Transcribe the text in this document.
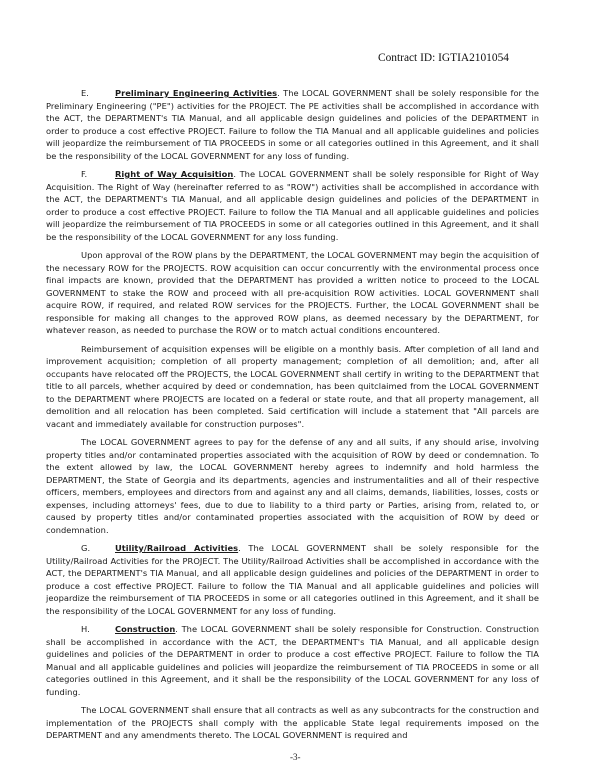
Contract ID: IGTIA2101054

E.	Preliminary Engineering Activities. The LOCAL GOVERNMENT shall be solely responsible for the Preliminary Engineering ("PE") activities for the PROJECT. The PE activities shall be accomplished in accordance with the ACT, the DEPARTMENT's TIA Manual, and all applicable design guidelines and policies of the DEPARTMENT in order to produce a cost effective PROJECT. Failure to follow the TIA Manual and all applicable guidelines and policies will jeopardize the reimbursement of TIA PROCEEDS in some or all categories outlined in this Agreement, and it shall be the responsibility of the LOCAL GOVERNMENT for any loss of funding.

F.	Right of Way Acquisition. The LOCAL GOVERNMENT shall be solely responsible for Right of Way Acquisition. The Right of Way (hereinafter referred to as "ROW") activities shall be accomplished in accordance with the ACT, the DEPARTMENT's TIA Manual, and all applicable design guidelines and policies of the DEPARTMENT in order to produce a cost effective PROJECT. Failure to follow the TIA Manual and all applicable guidelines and policies will jeopardize the reimbursement of TIA PROCEEDS in some or all categories outlined in this Agreement, and it shall be the responsibility of the LOCAL GOVERNMENT for any loss funding.

Upon approval of the ROW plans by the DEPARTMENT, the LOCAL GOVERNMENT may begin the acquisition of the necessary ROW for the PROJECTS. ROW acquisition can occur concurrently with the environmental process once final impacts are known, provided that the DEPARTMENT has provided a written notice to proceed to the LOCAL GOVERNMENT to stake the ROW and proceed with all pre-acquisition ROW activities. LOCAL GOVERNMENT shall acquire ROW, if required, and related ROW services for the PROJECTS. Further, the LOCAL GOVERNMENT shall be responsible for making all changes to the approved ROW plans, as deemed necessary by the DEPARTMENT, for whatever reason, as needed to purchase the ROW or to match actual conditions encountered.

Reimbursement of acquisition expenses will be eligible on a monthly basis. After completion of all land and improvement acquisition; completion of all property management; completion of all demolition; and, after all occupants have relocated off the PROJECTS, the LOCAL GOVERNMENT shall certify in writing to the DEPARTMENT that title to all parcels, whether acquired by deed or condemnation, has been quitclaimed from the LOCAL GOVERNMENT to the DEPARTMENT where PROJECTS are located on a federal or state route, and that all property management, all demolition and all relocation has been completed. Said certification will include a statement that "All parcels are vacant and immediately available for construction purposes".

The LOCAL GOVERNMENT agrees to pay for the defense of any and all suits, if any should arise, involving property titles and/or contaminated properties associated with the acquisition of ROW by deed or condemnation. To the extent allowed by law, the LOCAL GOVERNMENT hereby agrees to indemnify and hold harmless the DEPARTMENT, the State of Georgia and its departments, agencies and instrumentalities and all of their respective officers, members, employees and directors from and against any and all claims, demands, liabilities, losses, costs or expenses, including attorneys' fees, due to due to liability to a third party or Parties, arising from, related to, or caused by property titles and/or contaminated properties associated with the acquisition of ROW by deed or condemnation.

G.	Utility/Railroad Activities. The LOCAL GOVERNMENT shall be solely responsible for the Utility/Railroad Activities for the PROJECT. The Utility/Railroad Activities shall be accomplished in accordance with the ACT, the DEPARTMENT's TIA Manual, and all applicable design guidelines and policies of the DEPARTMENT in order to produce a cost effective PROJECT. Failure to follow the TIA Manual and all applicable guidelines and policies will jeopardize the reimbursement of TIA PROCEEDS in some or all categories outlined in this Agreement, and it shall be the responsibility of the LOCAL GOVERNMENT for any loss of funding.

H.	Construction. The LOCAL GOVERNMENT shall be solely responsible for Construction. Construction shall be accomplished in accordance with the ACT, the DEPARTMENT's TIA Manual, and all applicable design guidelines and policies of the DEPARTMENT in order to produce a cost effective PROJECT. Failure to follow the TIA Manual and all applicable guidelines and policies will jeopardize the reimbursement of TIA PROCEEDS in some or all categories outlined in this Agreement, and it shall be the responsibility of the LOCAL GOVERNMENT for any loss of funding.

The LOCAL GOVERNMENT shall ensure that all contracts as well as any subcontracts for the construction and implementation of the PROJECTS shall comply with the applicable State legal requirements imposed on the DEPARTMENT and any amendments thereto. The LOCAL GOVERNMENT is required and

-3-
